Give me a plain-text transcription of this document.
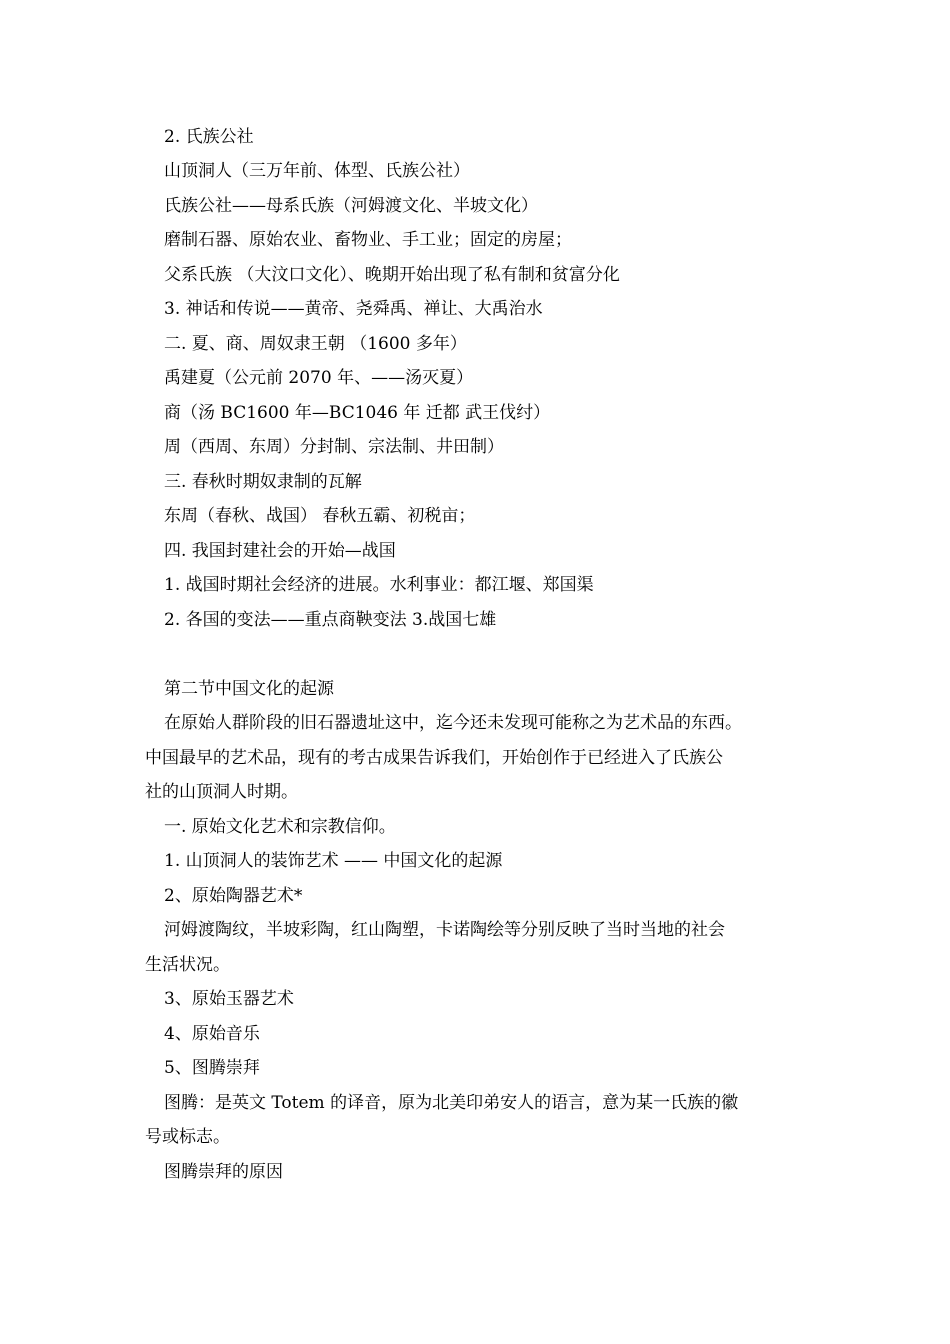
2. 氏族公社
山顶洞人（三万年前、体型、氏族公社）
氏族公社——母系氏族（河姆渡文化、半坡文化）
磨制石器、原始农业、畜物业、手工业；固定的房屋；
父系氏族 （大汶口文化）、晚期开始出现了私有制和贫富分化
3. 神话和传说——黄帝、尧舜禹、禅让、大禹治水
二. 夏、商、周奴隶王朝 （1600 多年）
禹建夏（公元前 2070 年、——汤灭夏）
商（汤 BC1600 年—BC1046 年 迁都 武王伐纣）
周（西周、东周）分封制、宗法制、井田制）
三. 春秋时期奴隶制的瓦解
东周（春秋、战国） 春秋五霸、初税亩；
四. 我国封建社会的开始—战国
1. 战国时期社会经济的进展。水利事业：都江堰、郑国渠
2. 各国的变法——重点商鞅变法 3.战国七雄
第二节中国文化的起源
在原始人群阶段的旧石器遗址这中，迄今还未发现可能称之为艺术品的东西。
中国最早的艺术品，现有的考古成果告诉我们，开始创作于已经进入了氏族公
社的山顶洞人时期。
一. 原始文化艺术和宗教信仰。
1. 山顶洞人的装饰艺术 —— 中国文化的起源
2、原始陶器艺术*
河姆渡陶纹，半坡彩陶，红山陶塑，卡诺陶绘等分别反映了当时当地的社会
生活状况。
3、原始玉器艺术
4、原始音乐
5、图腾崇拜
图腾：是英文 Totem 的译音，原为北美印弟安人的语言，意为某一氏族的徽
号或标志。
图腾崇拜的原因
